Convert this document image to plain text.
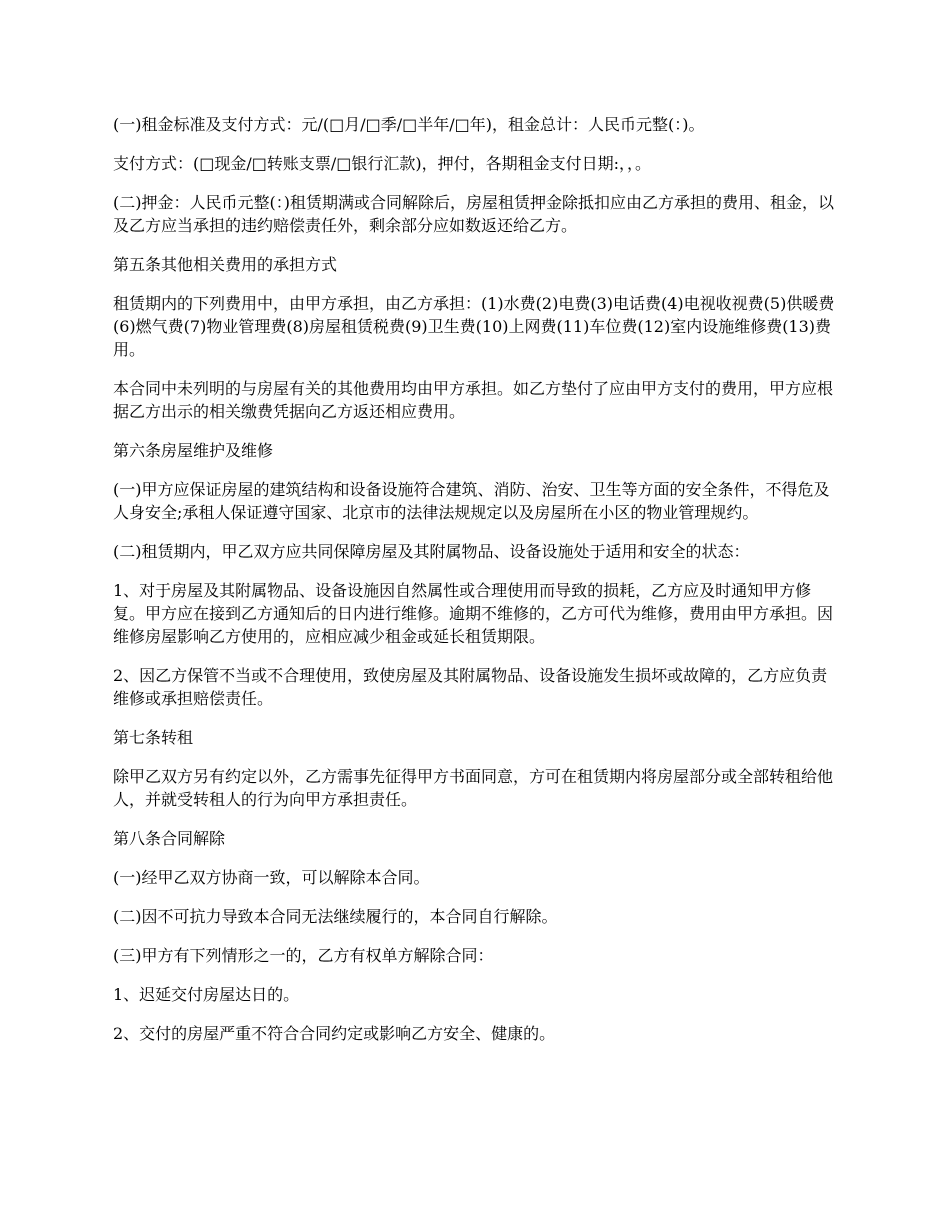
(一)租金标准及支付方式：元/(□月/□季/□半年/□年)，租金总计：人民币元整(：)。

支付方式：(□现金/□转账支票/□银行汇款)，押付，各期租金支付日期:，，。

(二)押金：人民币元整(：)租赁期满或合同解除后，房屋租赁押金除抵扣应由乙方承担的费用、租金，以及乙方应当承担的违约赔偿责任外，剩余部分应如数返还给乙方。

第五条其他相关费用的承担方式

租赁期内的下列费用中，由甲方承担，由乙方承担：(1)水费(2)电费(3)电话费(4)电视收视费(5)供暖费(6)燃气费(7)物业管理费(8)房屋租赁税费(9)卫生费(10)上网费(11)车位费(12)室内设施维修费(13)费用。

本合同中未列明的与房屋有关的其他费用均由甲方承担。如乙方垫付了应由甲方支付的费用，甲方应根据乙方出示的相关缴费凭据向乙方返还相应费用。

第六条房屋维护及维修

(一)甲方应保证房屋的建筑结构和设备设施符合建筑、消防、治安、卫生等方面的安全条件，不得危及人身安全;承租人保证遵守国家、北京市的法律法规规定以及房屋所在小区的物业管理规约。

(二)租赁期内，甲乙双方应共同保障房屋及其附属物品、设备设施处于适用和安全的状态：

1、对于房屋及其附属物品、设备设施因自然属性或合理使用而导致的损耗，乙方应及时通知甲方修复。甲方应在接到乙方通知后的日内进行维修。逾期不维修的，乙方可代为维修，费用由甲方承担。因维修房屋影响乙方使用的，应相应减少租金或延长租赁期限。

2、因乙方保管不当或不合理使用，致使房屋及其附属物品、设备设施发生损坏或故障的，乙方应负责维修或承担赔偿责任。

第七条转租

除甲乙双方另有约定以外，乙方需事先征得甲方书面同意，方可在租赁期内将房屋部分或全部转租给他人，并就受转租人的行为向甲方承担责任。

第八条合同解除

(一)经甲乙双方协商一致，可以解除本合同。

(二)因不可抗力导致本合同无法继续履行的，本合同自行解除。

(三)甲方有下列情形之一的，乙方有权单方解除合同：

1、迟延交付房屋达日的。

2、交付的房屋严重不符合合同约定或影响乙方安全、健康的。
